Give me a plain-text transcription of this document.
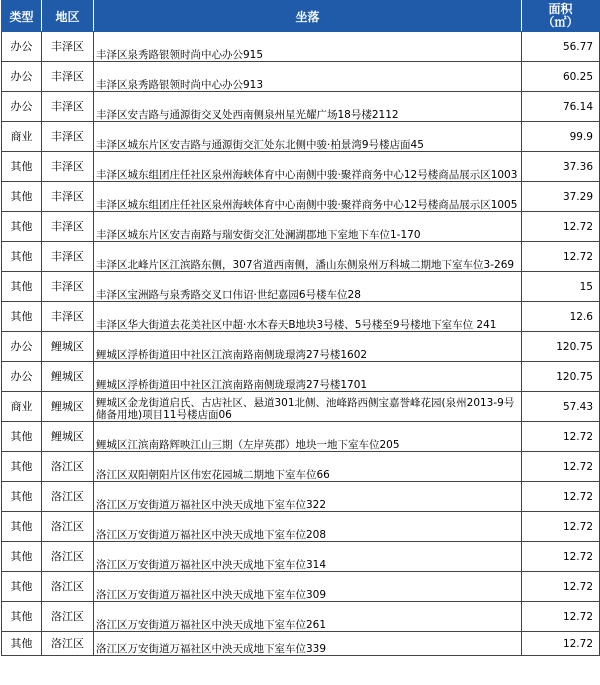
类型	地区	坐落	面积
（㎡）
办公	丰泽区	丰泽区泉秀路银领时尚中心办公915	56.77
办公	丰泽区	丰泽区泉秀路银领时尚中心办公913	60.25
办公	丰泽区	丰泽区安吉路与通源街交叉处西南侧泉州星光耀广场18号楼2112	76.14
商业	丰泽区	丰泽区城东片区安吉路与通源街交汇处东北侧中骏·柏景湾9号楼店面45	99.9
其他	丰泽区	丰泽区城东组团庄任社区泉州海峡体育中心南侧中骏·聚祥商务中心12号楼商品展示区1003	37.36
其他	丰泽区	丰泽区城东组团庄任社区泉州海峡体育中心南侧中骏·聚祥商务中心12号楼商品展示区1005	37.29
其他	丰泽区	丰泽区城东片区安吉南路与瑞安街交汇处澜湖郡地下室地下车位1-170	12.72
其他	丰泽区	丰泽区北峰片区江滨路东侧，307省道西南侧，潘山东侧泉州万科城二期地下室车位3-269	12.72
其他	丰泽区	丰泽区宝洲路与泉秀路交叉口伟诏·世纪嘉园6号楼车位28	15
其他	丰泽区	丰泽区华大街道去花美社区中超·水木春天B地块3号楼、5号楼至9号楼地下室车位 241	12.6
办公	鲤城区	鲤城区浮桥街道田中社区江滨南路南侧珑璟湾27号楼1602	120.75
办公	鲤城区	鲤城区浮桥街道田中社区江滨南路南侧珑璟湾27号楼1701	120.75
商业	鲤城区	鲤城区金龙街道启氏、古店社区、悬道301北侧、池峰路西侧宝嘉誉峰花园(泉州2013-9号储备用地)项目11号楼店面06	57.43
其他	鲤城区	鲤城区江滨南路辉映江山三期（左岸英郡）地块一地下室车位205	12.72
其他	洛江区	洛江区双阳朝阳片区伟宏花园城二期地下室车位66	12.72
其他	洛江区	洛江区万安街道万福社区中泱天成地下室车位322	12.72
其他	洛江区	洛江区万安街道万福社区中泱天成地下室车位208	12.72
其他	洛江区	洛江区万安街道万福社区中泱天成地下室车位314	12.72
其他	洛江区	洛江区万安街道万福社区中泱天成地下室车位309	12.72
其他	洛江区	洛江区万安街道万福社区中泱天成地下室车位261	12.72
其他	洛江区	洛江区万安街道万福社区中泱天成地下室车位339	12.72
